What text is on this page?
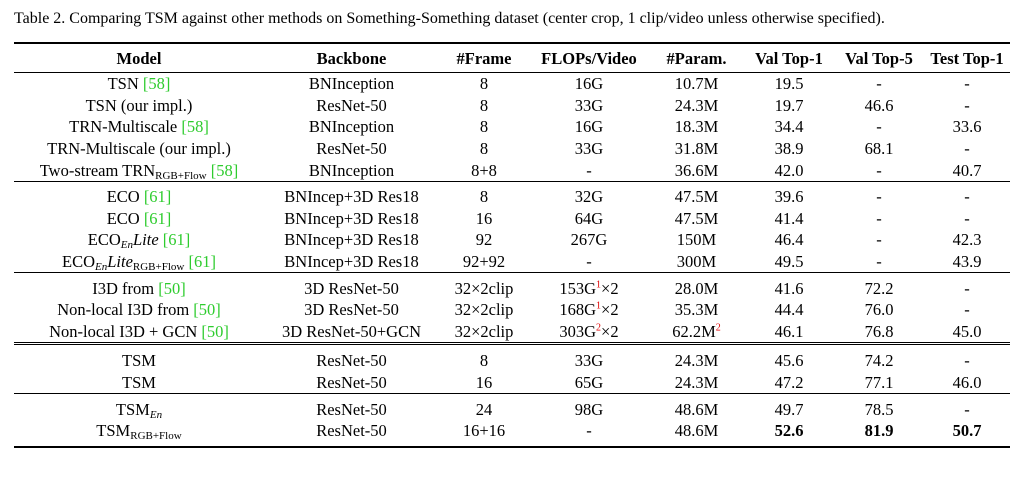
Table 2. Comparing TSM against other methods on Something-Something dataset (center crop, 1 clip/video unless otherwise specified).
Model	Backbone	#Frame	FLOPs/Video	#Param.	Val Top-1	Val Top-5	Test Top-1
TSN [58]	BNInception	8	16G	10.7M	19.5	-	-
TSN (our impl.)	ResNet-50	8	33G	24.3M	19.7	46.6	-
TRN-Multiscale [58]	BNInception	8	16G	18.3M	34.4	-	33.6
TRN-Multiscale (our impl.)	ResNet-50	8	33G	31.8M	38.9	68.1	-
Two-stream $TRN_{RGB+Flow}$ [58]	BNInception	8+8	-	36.6M	42.0	-	40.7
ECO [61]	BNIncep+3D Res18	8	32G	47.5M	39.6	-	-
ECO [61]	BNIncep+3D Res18	16	64G	47.5M	41.4	-	-
ECOEnLite [61]	BNIncep+3D Res18	92	267G	150M	46.4	-	42.3
ECOEnLite$_{RGB+Flow}$ [61]	BNIncep+3D Res18	92+92	-	300M	49.5	-	43.9
I3D from [50]	3D ResNet-50	32×2clip	$153G^1\times 2$	28.0M	41.6	72.2	-
Non-local I3D from [50]	3D ResNet-50	32×2clip	$168G^1\times 2$	35.3M	44.4	76.0	-
Non-local I3D + GCN [50]	3D ResNet-50+GCN	32×2clip	$303G^2\times 2$	$62.2M^2$	46.1	76.8	45.0
TSM	ResNet-50	8	33G	24.3M	45.6	74.2	-
TSM	ResNet-50	16	65G	24.3M	47.2	77.1	46.0
TSMEn	ResNet-50	24	98G	48.6M	49.7	78.5	-
$TSM_{RGB+Flow}$	ResNet-50	16+16	-	48.6M	52.6	81.9	50.7
